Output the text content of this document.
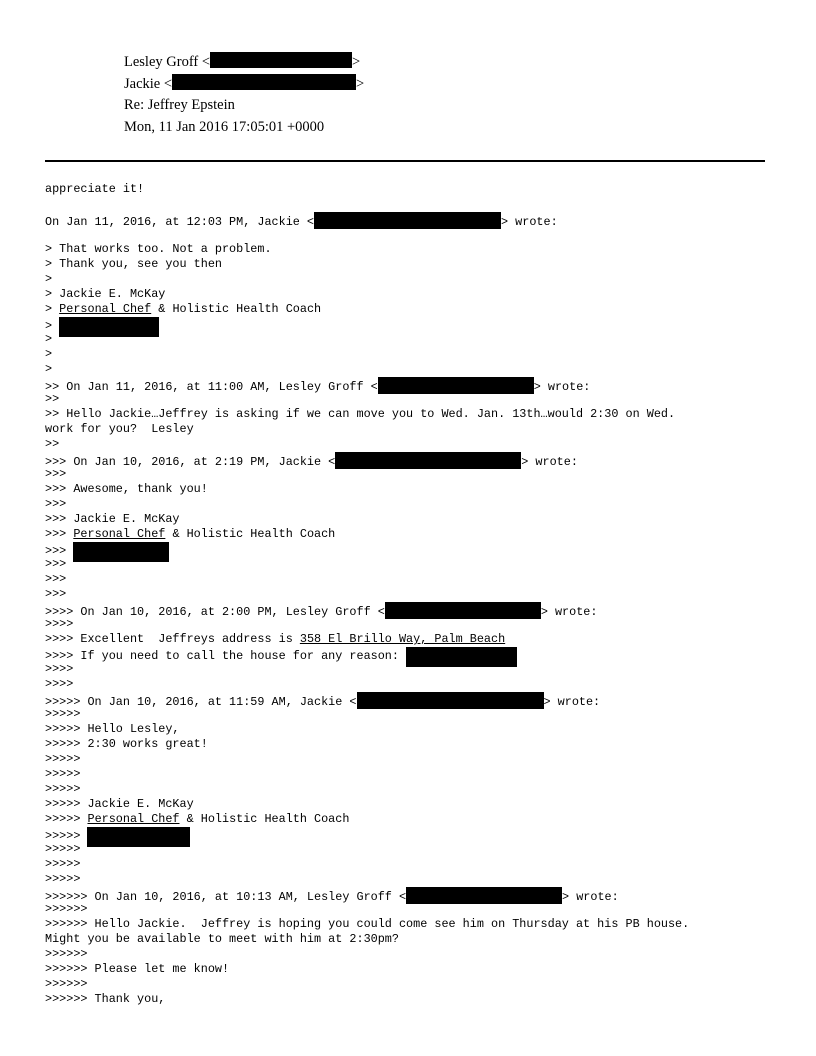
Lesley Groff <	>
Jackie <	>
Re: Jeffrey Epstein
Mon, 11 Jan 2016 17:05:01 +0000
appreciate it!
On Jan 11, 2016, at 12:03 PM, Jackie <	> wrote:
> That works too. Not a problem.
> Thank you, see you then
>
> Jackie E. McKay
> Personal Chef & Holistic Health Coach
>
>
>
>
>> On Jan 11, 2016, at 11:00 AM, Lesley Groff <	> wrote:
>>
>> Hello Jackie…Jeffrey is asking if we can move you to Wed. Jan. 13th…would 2:30 on Wed.
work for you?  Lesley
>>
>>> On Jan 10, 2016, at 2:19 PM, Jackie <	> wrote:
>>>
>>> Awesome, thank you!
>>>
>>> Jackie E. McKay
>>> Personal Chef & Holistic Health Coach
>>>
>>>
>>>
>>>
>>>> On Jan 10, 2016, at 2:00 PM, Lesley Groff <	> wrote:
>>>>
>>>> Excellent  Jeffreys address is 358 El Brillo Way, Palm Beach
>>>> If you need to call the house for any reason:
>>>>
>>>>
>>>>> On Jan 10, 2016, at 11:59 AM, Jackie <	> wrote:
>>>>>
>>>>> Hello Lesley,
>>>>> 2:30 works great!
>>>>>
>>>>>
>>>>>
>>>>> Jackie E. McKay
>>>>> Personal Chef & Holistic Health Coach
>>>>>
>>>>>
>>>>>
>>>>>
>>>>>> On Jan 10, 2016, at 10:13 AM, Lesley Groff <	> wrote:
>>>>>>
>>>>>> Hello Jackie.  Jeffrey is hoping you could come see him on Thursday at his PB house.
Might you be available to meet with him at 2:30pm?
>>>>>>
>>>>>> Please let me know!
>>>>>>
>>>>>> Thank you,
